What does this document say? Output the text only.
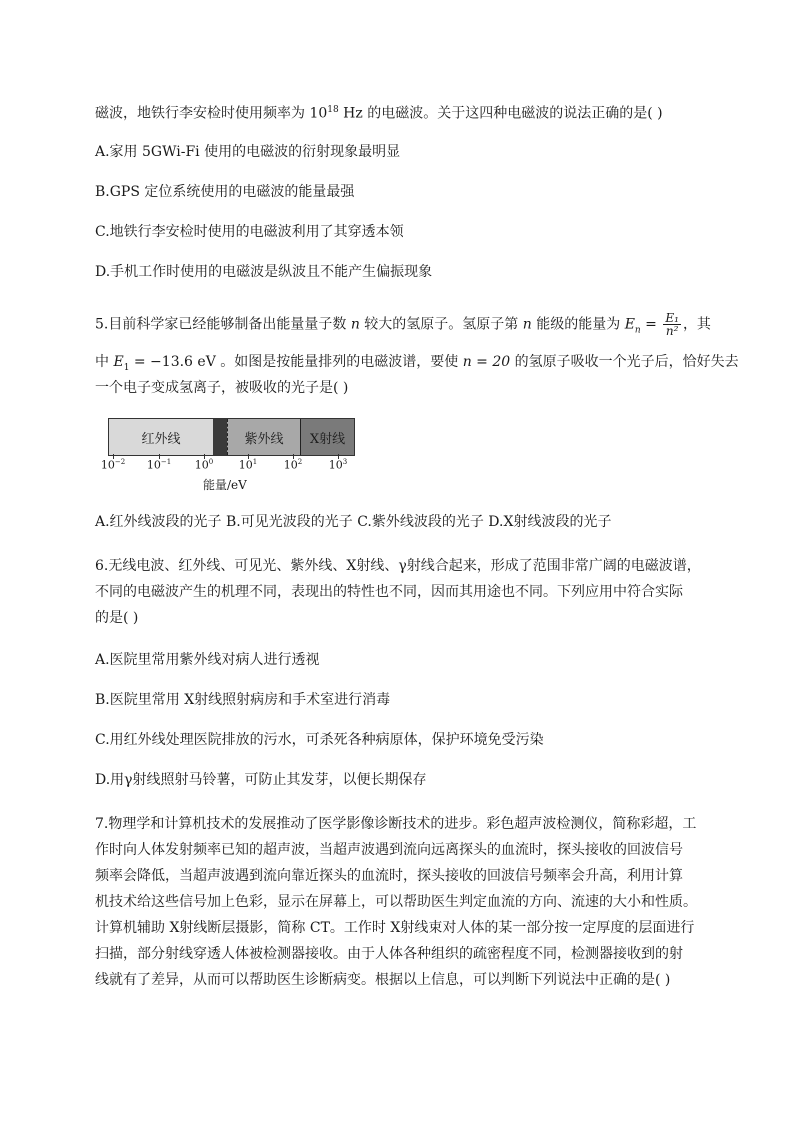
磁波，地铁行李安检时使用频率为 $10^{18}$ Hz 的电磁波。关于这四种电磁波的说法正确的是( )
A.家用 5GWi-Fi 使用的电磁波的衍射现象最明显
B.GPS 定位系统使用的电磁波的能量最强
C.地铁行李安检时使用的电磁波利用了其穿透本领
D.手机工作时使用的电磁波是纵波且不能产生偏振现象
5.目前科学家已经能够制备出能量量子数 n 较大的氢原子。氢原子第 n 能级的能量为 $E_n = \frac{\text{E₁}}{\text{n²}}$ ，其
中 $E_1 = -13.6$ eV 。如图是按能量排列的电磁波谱，要使 n = 20 的氢原子吸收一个光子后，恰好失去
一个电子变成氢离子，被吸收的光子是( )
红外线	紫外线	X射线
$10^{-2}$ $10^{-1}$ $10^0$ $10^1$ $10^2$ $10^3$
能量/eV
A.红外线波段的光子 B.可见光波段的光子 C.紫外线波段的光子 D.X射线波段的光子
6.无线电波、红外线、可见光、紫外线、X射线、γ射线合起来，形成了范围非常广阔的电磁波谱，
不同的电磁波产生的机理不同，表现出的特性也不同，因而其用途也不同。下列应用中符合实际
的是( )
A.医院里常用紫外线对病人进行透视
B.医院里常用 X射线照射病房和手术室进行消毒
C.用红外线处理医院排放的污水，可杀死各种病原体，保护环境免受污染
D.用γ射线照射马铃薯，可防止其发芽，以便长期保存
7.物理学和计算机技术的发展推动了医学影像诊断技术的进步。彩色超声波检测仪，简称彩超，工
作时向人体发射频率已知的超声波，当超声波遇到流向远离探头的血流时，探头接收的回波信号
频率会降低，当超声波遇到流向靠近探头的血流时，探头接收的回波信号频率会升高，利用计算
机技术给这些信号加上色彩，显示在屏幕上，可以帮助医生判定血流的方向、流速的大小和性质。
计算机辅助 X射线断层摄影，简称 CT。工作时 X射线束对人体的某一部分按一定厚度的层面进行
扫描，部分射线穿透人体被检测器接收。由于人体各种组织的疏密程度不同，检测器接收到的射
线就有了差异，从而可以帮助医生诊断病变。根据以上信息，可以判断下列说法中正确的是( )
